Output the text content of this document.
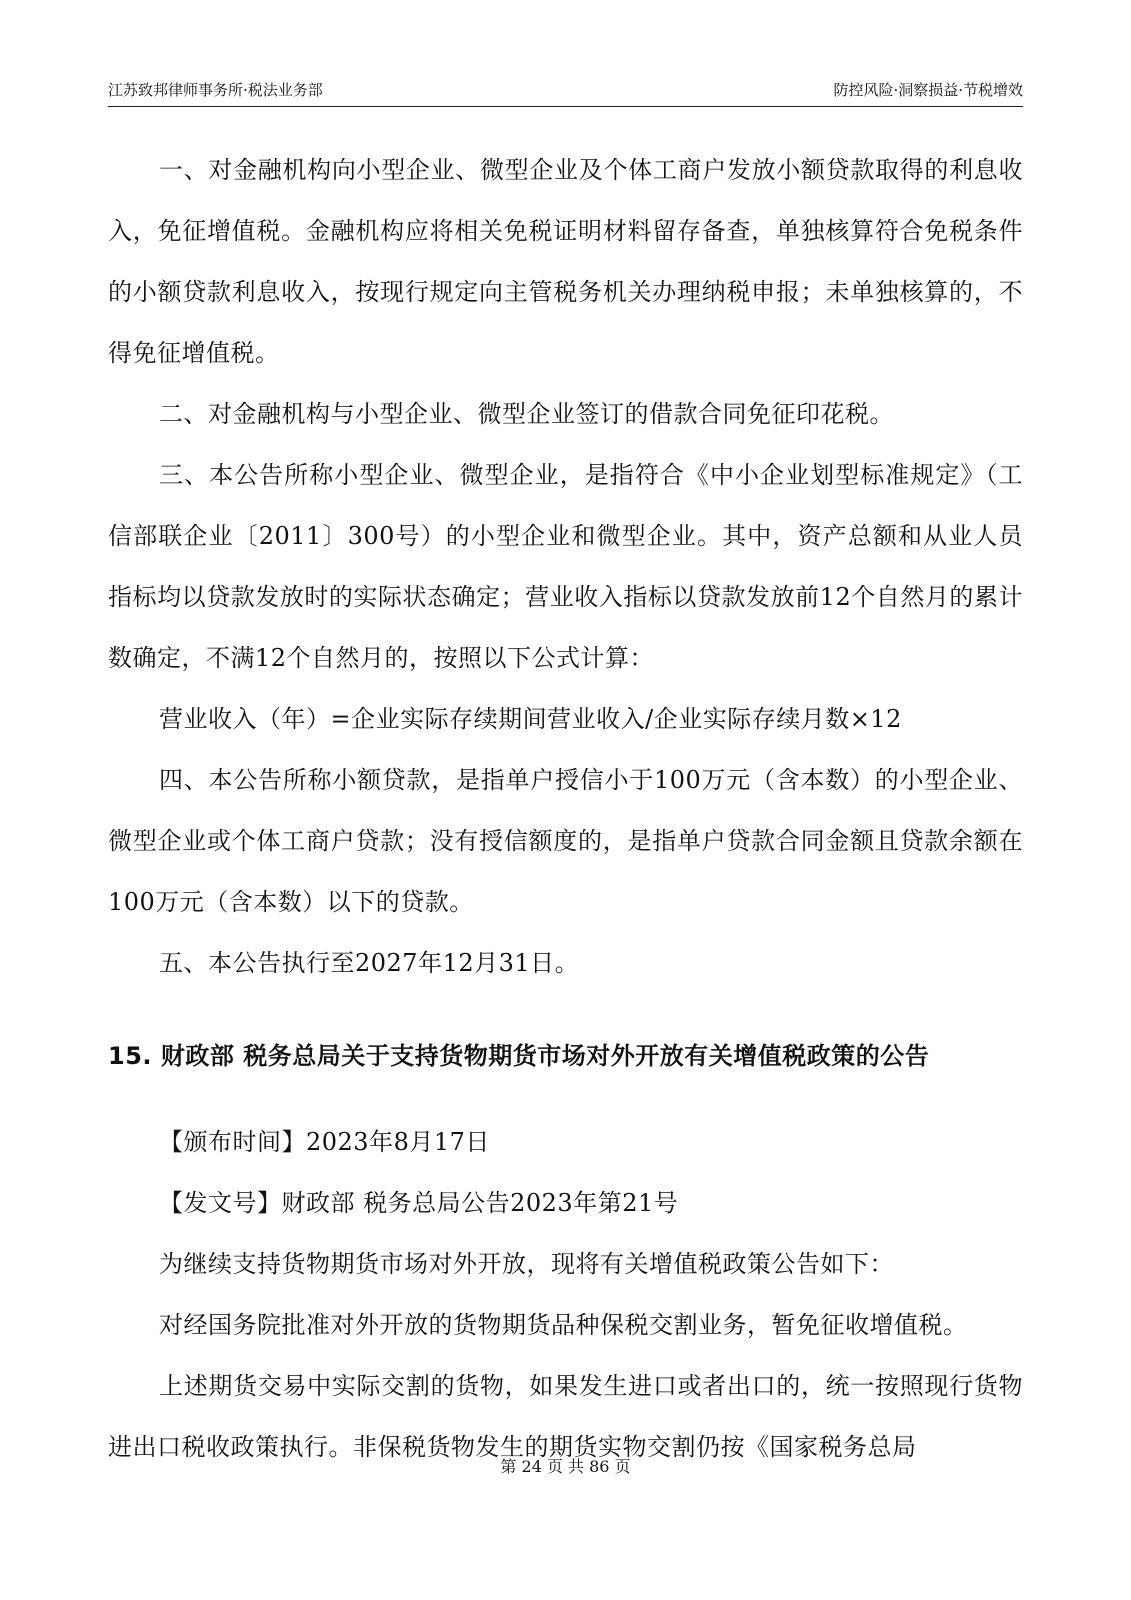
江苏致邦律师事务所·税法业务部	防控风险·洞察损益·节税增效

一、对金融机构向小型企业、微型企业及个体工商户发放小额贷款取得的利息收入，免征增值税。金融机构应将相关免税证明材料留存备查，单独核算符合免税条件的小额贷款利息收入，按现行规定向主管税务机关办理纳税申报；未单独核算的，不得免征增值税。

二、对金融机构与小型企业、微型企业签订的借款合同免征印花税。

三、本公告所称小型企业、微型企业，是指符合《中小企业划型标准规定》（工信部联企业〔2011〕300号）的小型企业和微型企业。其中，资产总额和从业人员指标均以贷款发放时的实际状态确定；营业收入指标以贷款发放前12个自然月的累计数确定，不满12个自然月的，按照以下公式计算：

营业收入（年）=企业实际存续期间营业收入/企业实际存续月数×12

四、本公告所称小额贷款，是指单户授信小于100万元（含本数）的小型企业、微型企业或个体工商户贷款；没有授信额度的，是指单户贷款合同金额且贷款余额在100万元（含本数）以下的贷款。

五、本公告执行至2027年12月31日。

15. 财政部 税务总局关于支持货物期货市场对外开放有关增值税政策的公告

【颁布时间】2023年8月17日

【发文号】财政部 税务总局公告2023年第21号

为继续支持货物期货市场对外开放，现将有关增值税政策公告如下：

对经国务院批准对外开放的货物期货品种保税交割业务，暂免征收增值税。

上述期货交易中实际交割的货物，如果发生进口或者出口的，统一按照现行货物进出口税收政策执行。非保税货物发生的期货实物交割仍按《国家税务总局

第 24 页 共 86 页
